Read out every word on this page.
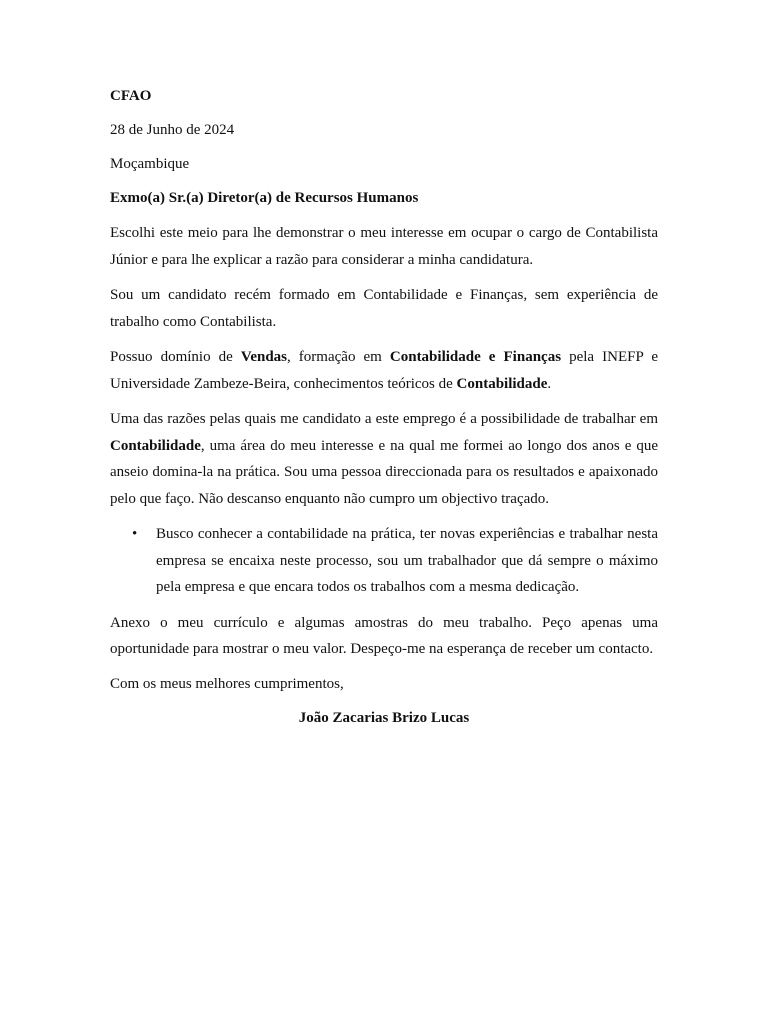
CFAO
28 de Junho de 2024
Moçambique
Exmo(a) Sr.(a) Diretor(a) de Recursos Humanos

Escolhi este meio para lhe demonstrar o meu interesse em ocupar o cargo de Contabilista Júnior e para lhe explicar a razão para considerar a minha candidatura.

Sou um candidato recém formado em Contabilidade e Finanças, sem experiência de trabalho como Contabilista.

Possuo domínio de Vendas, formação em Contabilidade e Finanças pela INEFP e Universidade Zambeze-Beira, conhecimentos teóricos de Contabilidade.

Uma das razões pelas quais me candidato a este emprego é a possibilidade de trabalhar em Contabilidade, uma área do meu interesse e na qual me formei ao longo dos anos e que anseio domina-la na prática. Sou uma pessoa direccionada para os resultados e apaixonado pelo que faço. Não descanso enquanto não cumpro um objectivo traçado.

• Busco conhecer a contabilidade na prática, ter novas experiências e trabalhar nesta empresa se encaixa neste processo, sou um trabalhador que dá sempre o máximo pela empresa e que encara todos os trabalhos com a mesma dedicação.

Anexo o meu currículo e algumas amostras do meu trabalho. Peço apenas uma oportunidade para mostrar o meu valor. Despeço-me na esperança de receber um contacto.

Com os meus melhores cumprimentos,
João Zacarias Brizo Lucas
